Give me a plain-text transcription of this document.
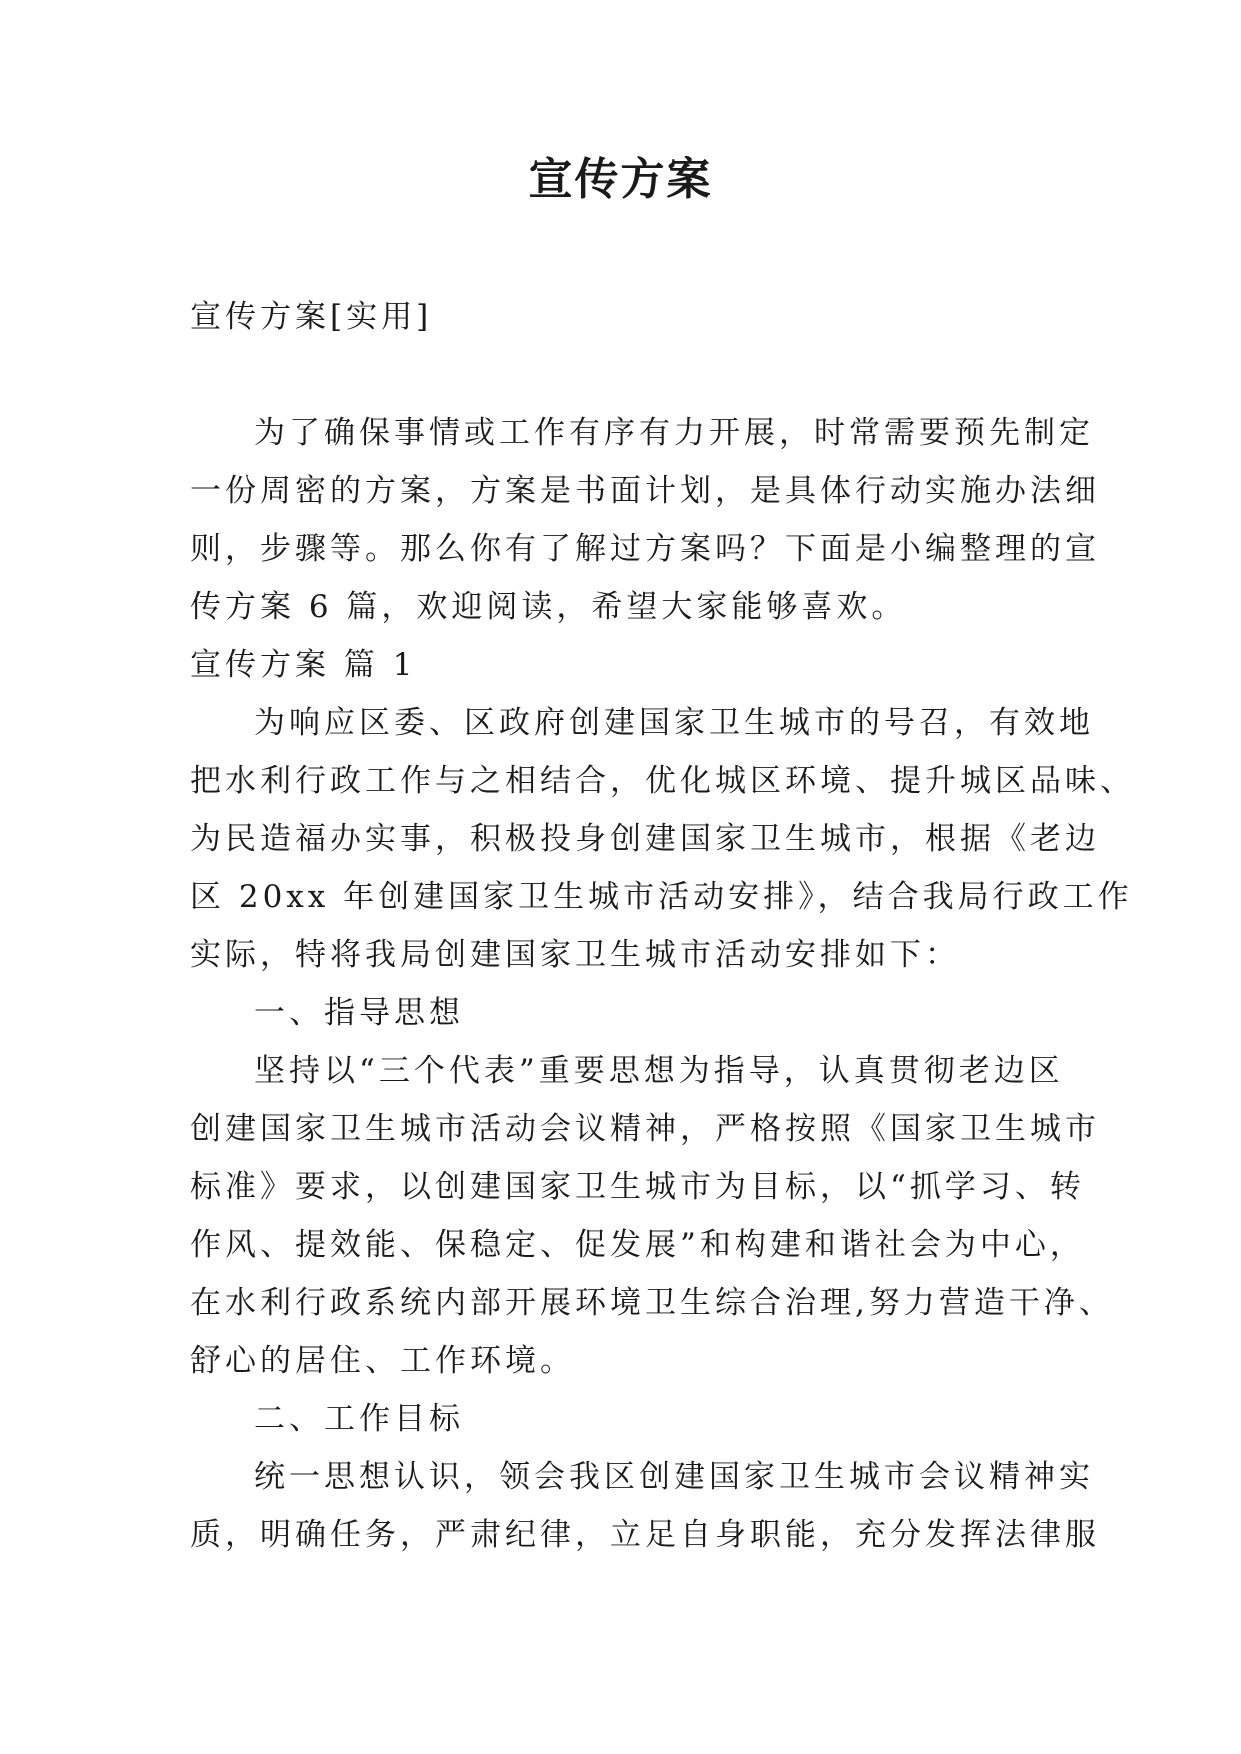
宣传方案

宣传方案[实用]

为了确保事情或工作有序有力开展，时常需要预先制定

一份周密的方案，方案是书面计划，是具体行动实施办法细

则，步骤等。那么你有了解过方案吗？下面是小编整理的宣

传方案 6 篇，欢迎阅读，希望大家能够喜欢。

宣传方案 篇 1

为响应区委、区政府创建国家卫生城市的号召，有效地

把水利行政工作与之相结合，优化城区环境、提升城区品味、

为民造福办实事，积极投身创建国家卫生城市，根据《老边

区 20xx 年创建国家卫生城市活动安排》，结合我局行政工作

实际，特将我局创建国家卫生城市活动安排如下：

一、指导思想

坚持以“三个代表”重要思想为指导，认真贯彻老边区

创建国家卫生城市活动会议精神，严格按照《国家卫生城市

标准》要求，以创建国家卫生城市为目标，以“抓学习、转

作风、提效能、保稳定、促发展”和构建和谐社会为中心，

在水利行政系统内部开展环境卫生综合治理,努力营造干净、

舒心的居住、工作环境。

二、工作目标

统一思想认识，领会我区创建国家卫生城市会议精神实

质，明确任务，严肃纪律，立足自身职能，充分发挥法律服
